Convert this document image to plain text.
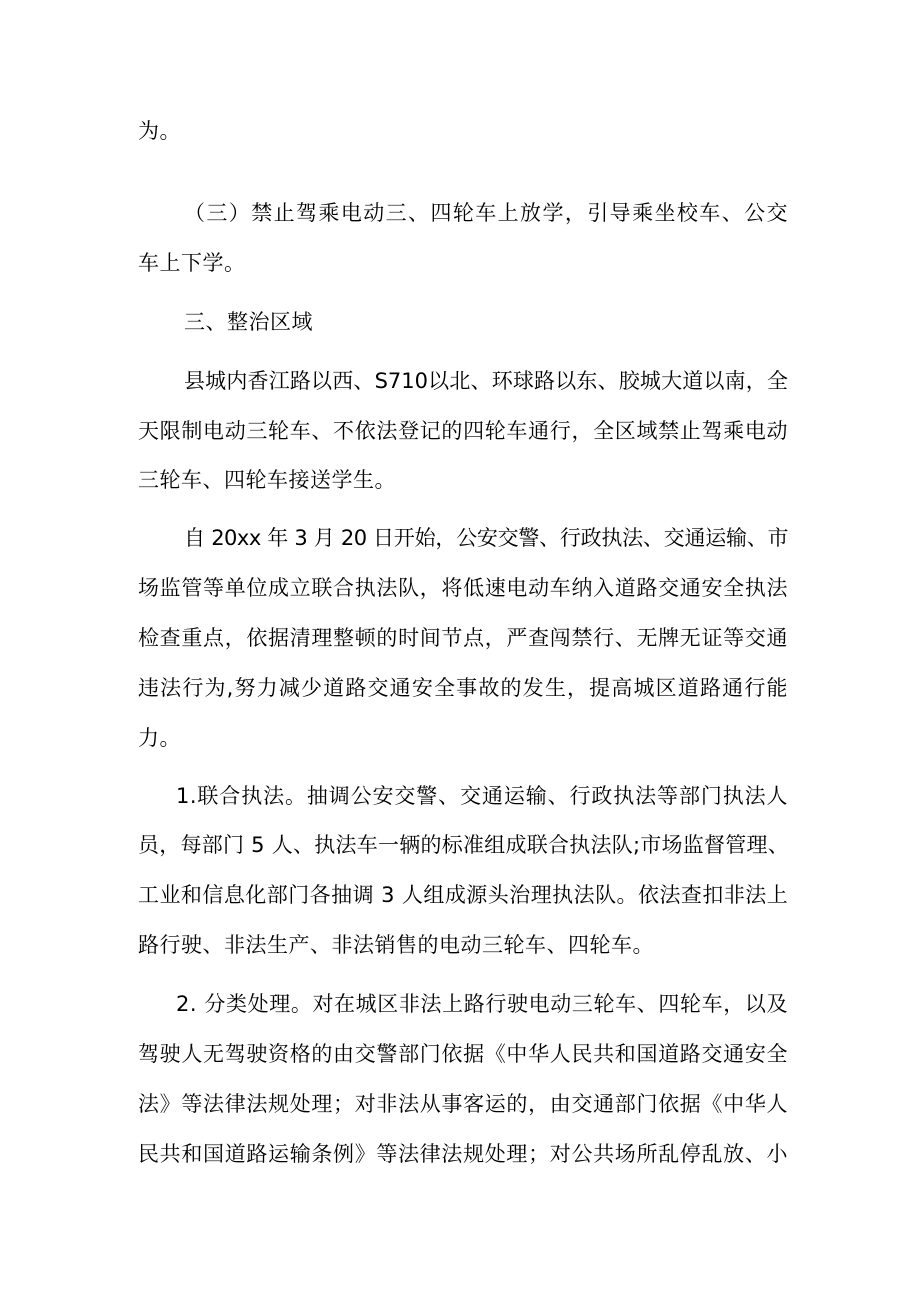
为。
（三）禁止驾乘电动三、四轮车上放学，引导乘坐校车、公交
车上下学。
三、整治区域
县城内香江路以西、S710以北、环球路以东、胶城大道以南，全
天限制电动三轮车、不依法登记的四轮车通行，全区域禁止驾乘电动
三轮车、四轮车接送学生。
自 20xx 年 3 月 20 日开始，公安交警、行政执法、交通运输、市
场监管等单位成立联合执法队，将低速电动车纳入道路交通安全执法
检查重点，依据清理整顿的时间节点，严查闯禁行、无牌无证等交通
违法行为,努力减少道路交通安全事故的发生，提高城区道路通行能
力。
1.联合执法。抽调公安交警、交通运输、行政执法等部门执法人
员，每部门 5 人、执法车一辆的标准组成联合执法队;市场监督管理、
工业和信息化部门各抽调 3 人组成源头治理执法队。依法查扣非法上
路行驶、非法生产、非法销售的电动三轮车、四轮车。
2. 分类处理。对在城区非法上路行驶电动三轮车、四轮车，以及
驾驶人无驾驶资格的由交警部门依据《中华人民共和国道路交通安全
法》等法律法规处理；对非法从事客运的，由交通部门依据《中华人
民共和国道路运输条例》等法律法规处理；对公共场所乱停乱放、小
